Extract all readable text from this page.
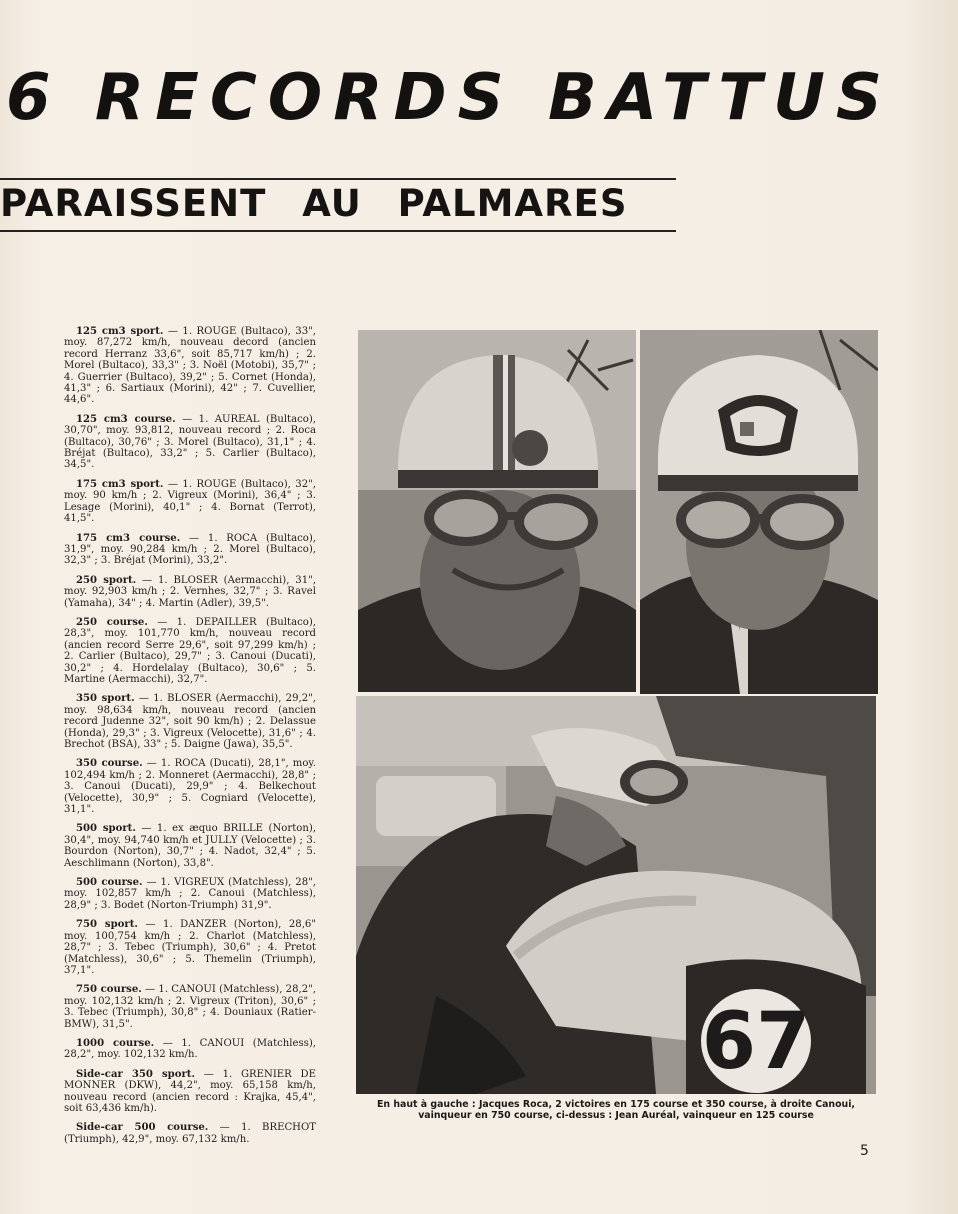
6 RECORDS BATTUS
PARAISSENT AU PALMARES

125 cm3 sport. — 1. ROUGE (Bultaco), 33", moy. 87,272 km/h, nouveau decord (ancien record Herranz 33,6", soit 85,717 km/h) ; 2. Morel (Bultaco), 33,3" ; 3. Noël (Motobi), 35,7" ; 4. Guerrier (Bultaco), 39,2" ; 5. Cornet (Honda), 41,3" ; 6. Sartiaux (Morini), 42" ; 7. Cuvellier, 44,6".

125 cm3 course. — 1. AUREAL (Bultaco), 30,70", moy. 93,812, nouveau record ; 2. Roca (Bultaco), 30,76" ; 3. Morel (Bultaco), 31,1" ; 4. Bréjat (Bultaco), 33,2" ; 5. Carlier (Bultaco), 34,5".

175 cm3 sport. — 1. ROUGE (Bultaco), 32", moy. 90 km/h ; 2. Vigreux (Morini), 36,4" ; 3. Lesage (Morini), 40,1" ; 4. Bornat (Terrot), 41,5".

175 cm3 course. — 1. ROCA (Bultaco), 31,9", moy. 90,284 km/h ; 2. Morel (Bultaco), 32,3" ; 3. Bréjat (Morini), 33,2".

250 sport. — 1. BLOSER (Aermacchi), 31", moy. 92,903 km/h ; 2. Vernhes, 32,7" ; 3. Ravel (Yamaha), 34" ; 4. Martin (Adler), 39,5".

250 course. — 1. DEPAILLER (Bultaco), 28,3", moy. 101,770 km/h, nouveau record (ancien record Serre 29,6", soit 97,299 km/h) ; 2. Carlier (Bultaco), 29,7" ; 3. Canoui (Ducati), 30,2" ; 4. Hordelalay (Bultaco), 30,6" ; 5. Martine (Aermacchi), 32,7".

350 sport. — 1. BLOSER (Aermacchi), 29,2", moy. 98,634 km/h, nouveau record (ancien record Judenne 32", soit 90 km/h) ; 2. Delassue (Honda), 29,3" ; 3. Vigreux (Velocette), 31,6" ; 4. Brechot (BSA), 33" ; 5. Daigne (Jawa), 35,5".

350 course. — 1. ROCA (Ducati), 28,1", moy. 102,494 km/h ; 2. Monneret (Aermacchi), 28,8" ; 3. Canoui (Ducati), 29,9" ; 4. Belkechout (Velocette), 30,9" ; 5. Cogniard (Velocette), 31,1".

500 sport. — 1. ex æquo BRILLE (Norton), 30,4", moy. 94,740 km/h et JULLY (Velocette) ; 3. Bourdon (Norton), 30,7" ; 4. Nadot, 32,4" ; 5. Aeschlimann (Norton), 33,8".

500 course. — 1. VIGREUX (Matchless), 28", moy. 102,857 km/h ; 2. Canoui (Matchless), 28,9" ; 3. Bodet (Norton-Triumph) 31,9".

750 sport. — 1. DANZER (Norton), 28,6" moy. 100,754 km/h ; 2. Charlot (Matchless), 28,7" ; 3. Tebec (Triumph), 30,6" ; 4. Pretot (Matchless), 30,6" ; 5. Themelin (Triumph), 37,1".

750 course. — 1. CANOUI (Matchless), 28,2", moy. 102,132 km/h ; 2. Vigreux (Triton), 30,6" ; 3. Tebec (Triumph), 30,8" ; 4. Douniaux (Ratier-BMW), 31,5".

1000 course. — 1. CANOUI (Matchless), 28,2", moy. 102,132 km/h.

Side-car 350 sport. — 1. GRENIER DE MONNER (DKW), 44,2", moy. 65,158 km/h, nouveau record (ancien record : Krajka, 45,4", soit 63,436 km/h).

Side-car 500 course. — 1. BRECHOT (Triumph), 42,9", moy. 67,132 km/h.

67
En haut à gauche : Jacques Roca, 2 victoires en 175 course et 350 course, à droite Canoui, vainqueur en 750 course, ci-dessus : Jean Auréal, vainqueur en 125 course
5
